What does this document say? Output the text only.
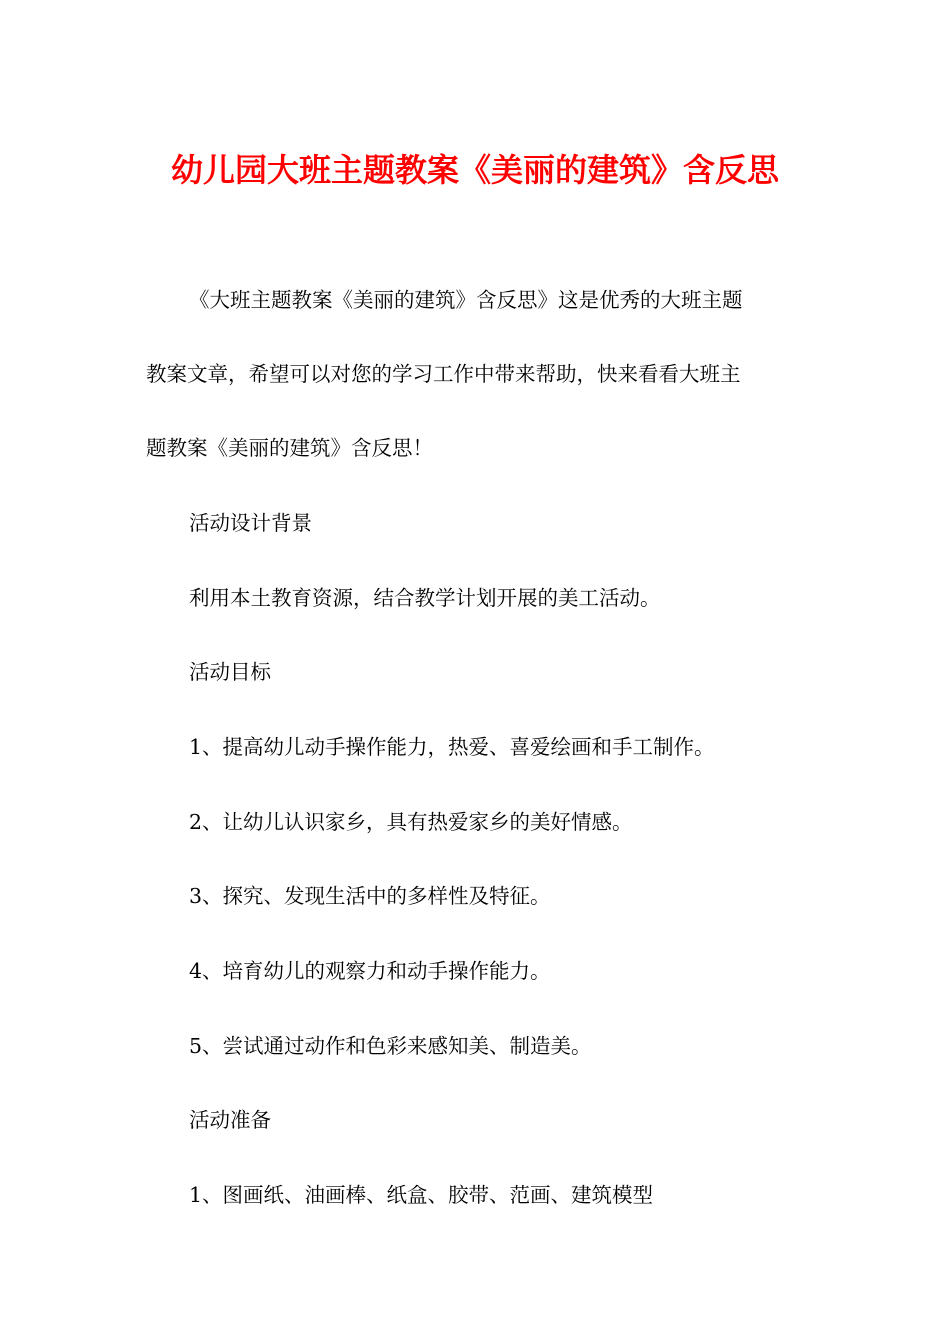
幼儿园大班主题教案《美丽的建筑》含反思
《大班主题教案《美丽的建筑》含反思》这是优秀的大班主题
教案文章，希望可以对您的学习工作中带来帮助，快来看看大班主
题教案《美丽的建筑》含反思！
活动设计背景
利用本土教育资源，结合教学计划开展的美工活动。
活动目标
1、提高幼儿动手操作能力，热爱、喜爱绘画和手工制作。
2、让幼儿认识家乡，具有热爱家乡的美好情感。
3、探究、发现生活中的多样性及特征。
4、培育幼儿的观察力和动手操作能力。
5、尝试通过动作和色彩来感知美、制造美。
活动准备
1、图画纸、油画棒、纸盒、胶带、范画、建筑模型
